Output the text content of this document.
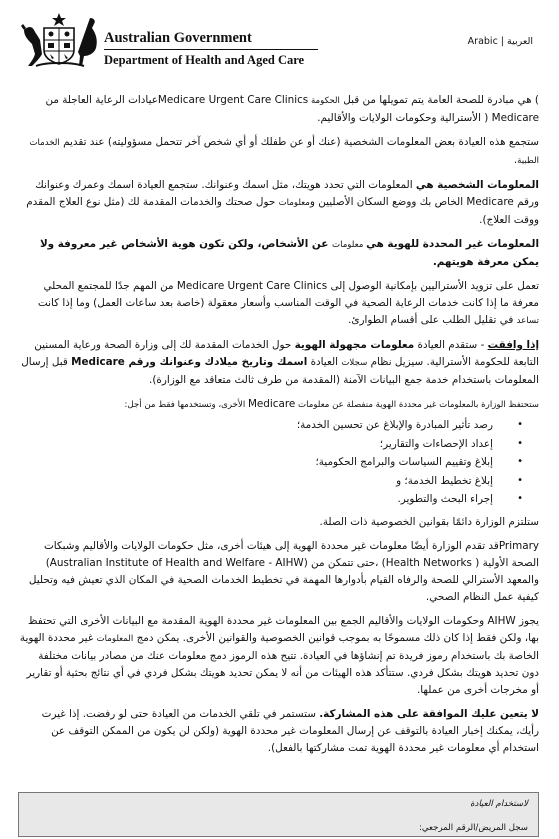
Australian Government
Department of Health and Aged Care
Arabic | العربية

) هي مبادرة للصحة العامة يتم تمويلها من قبل الحكومة Medicare Urgent Care Clinicsعيادات الرعاية العاجلة من Medicare ( الأسترالية وحكومات الولايات والأقاليم.

ستجمع هذه العيادة بعض المعلومات الشخصية (عنك أو عن طفلك أو أي شخص آخر تتحمل مسؤوليته) عند تقديم الخدمات الطبية.

المعلومات الشخصية هي المعلومات التي تحدد هويتك، مثل اسمك وعنوانك. ستجمع العيادة اسمك وعمرك وعنوانك ورقم Medicare الخاص بك ووضع السكان الأصليين ومعلومات حول صحتك والخدمات المقدمة لك (مثل نوع العلاج المقدم ووقت العلاج).

المعلومات غير المحددة للهوية هي معلومات عن الأشخاص، ولكن تكون هوية الأشخاص غير معروفة ولا يمكن معرفة هويتهم.

تعمل على تزويد الأستراليين بإمكانية الوصول إلى Medicare Urgent Care Clinics من المهم جدًا للمجتمع المحلي معرفة ما إذا كانت خدمات الرعاية الصحية في الوقت المناسب وأسعار معقولة (خاصة بعد ساعات العمل) وما إذا كانت تساعد في تقليل الطلب على أقسام الطوارئ.

إذا وافقت - ستقدم العيادة معلومات مجهولة الهوية حول الخدمات المقدمة لك إلى وزارة الصحة ورعاية المسنين التابعة للحكومة الأسترالية. سيزيل نظام سجلات العيادة اسمك وتاريخ ميلادك وعنوانك ورقم Medicare قبل إرسال المعلومات باستخدام خدمة جمع البيانات الآمنة (المقدمة من طرف ثالث متعاقد مع الوزارة).

ستحتفظ الوزارة بالمعلومات غير محددة الهوية منفصلة عن معلومات Medicare الأخرى، وتستخدمها فقط من أجل:

• رصد تأثير المبادرة والإبلاغ عن تحسين الخدمة؛
• إعداد الإحصاءات والتقارير؛
• إبلاغ وتقييم السياسات والبرامج الحكومية؛
• إبلاغ تخطيط الخدمة؛ و
• إجراء البحث والتطوير.

ستلتزم الوزارة دائمًا بقوانين الخصوصية ذات الصلة.

Primaryقد تقدم الوزارة أيضًا معلومات غير محددة الهوية إلى هيئات أخرى، مثل حكومات الولايات والأقاليم وشبكات الصحة الأولية ( Health Networks) ،حتى تتمكن من (Australian Institute of Health and Welfare - AIHW) والمعهد الأسترالي للصحة والرفاه القيام بأدوارها المهمة في تخطيط الخدمات الصحية في المكان الذي تعيش فيه وتحليل كيفية عمل النظام الصحي.

يجوز AIHW وحكومات الولايات والأقاليم الجمع بين المعلومات غير محددة الهوية المقدمة مع البيانات الأخرى التي تحتفظ بها، ولكن فقط إذا كان ذلك مسموحًا به بموجب قوانين الخصوصية والقوانين الأخرى. يمكن دمج المعلومات غير محددة الهوية الخاصة بك باستخدام رموز فريدة تم إنشاؤها في العيادة. تتيح هذه الرموز دمج معلومات عنك من مصادر بيانات مختلفة دون تحديد هويتك بشكل فردي. ستتأكد هذه الهيئات من أنه لا يمكن تحديد هويتك بشكل فردي في أي نتائج بحثية أو تقارير أو مخرجات أخرى من عملها.

لا يتعين عليك الموافقة على هذه المشاركة. ستستمر في تلقي الخدمات من العيادة حتى لو رفضت. إذا غيرت رأيك، يمكنك إخبار العيادة بالتوقف عن إرسال المعلومات غير محددة الهوية (ولكن لن يكون من الممكن التوقف عن استخدام أي معلومات غير محددة الهوية تمت مشاركتها بالفعل).

لاستخدام العيادة
سجل المريض/الرقم المرجعي:
